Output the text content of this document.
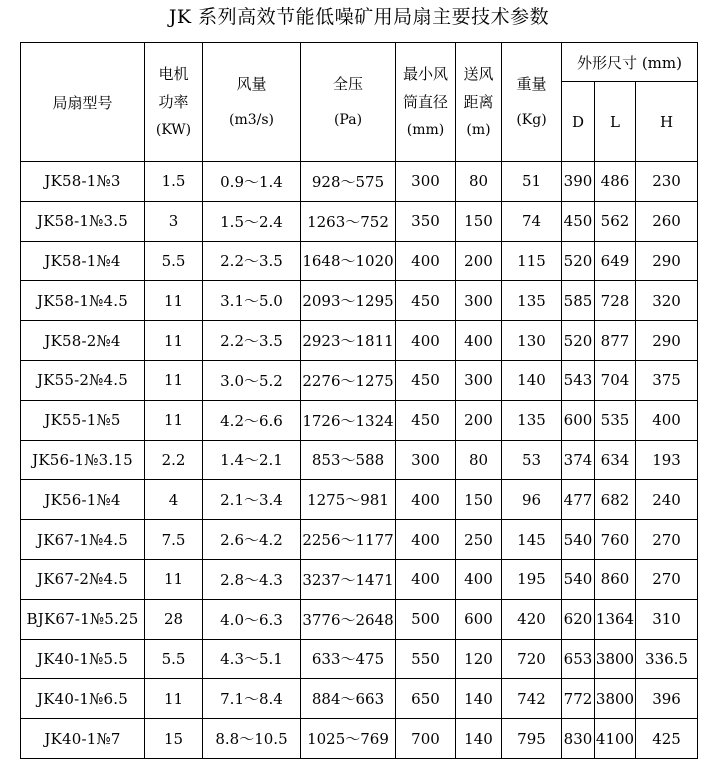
JK 系列高效节能低噪矿用局扇主要技术参数
局扇型号	电机
功率
(KW)	风量
(m3/s)	全压
(Pa)	最小风
筒直径
(mm)	送风
距离
(m)	重量
(Kg)	外形尺寸 (mm)		
							D	L	H
JK58-1№3	1.5	0.9～1.4	928～575	300	80	51	390	486	230
JK58-1№3.5	3	1.5～2.4	1263～752	350	150	74	450	562	260
JK58-1№4	5.5	2.2～3.5	1648～1020	400	200	115	520	649	290
JK58-1№4.5	11	3.1～5.0	2093～1295	450	300	135	585	728	320
JK58-2№4	11	2.2～3.5	2923～1811	400	400	130	520	877	290
JK55-2№4.5	11	3.0～5.2	2276～1275	450	300	140	543	704	375
JK55-1№5	11	4.2～6.6	1726～1324	450	200	135	600	535	400
JK56-1№3.15	2.2	1.4～2.1	853～588	300	80	53	374	634	193
JK56-1№4	4	2.1～3.4	1275～981	400	150	96	477	682	240
JK67-1№4.5	7.5	2.6～4.2	2256～1177	400	250	145	540	760	270
JK67-2№4.5	11	2.8～4.3	3237～1471	400	400	195	540	860	270
BJK67-1№5.25	28	4.0～6.3	3776～2648	500	600	420	620	1364	310
JK40-1№5.5	5.5	4.3～5.1	633～475	550	120	720	653	3800	336.5
JK40-1№6.5	11	7.1～8.4	884～663	650	140	742	772	3800	396
JK40-1№7	15	8.8～10.5	1025～769	700	140	795	830	4100	425
